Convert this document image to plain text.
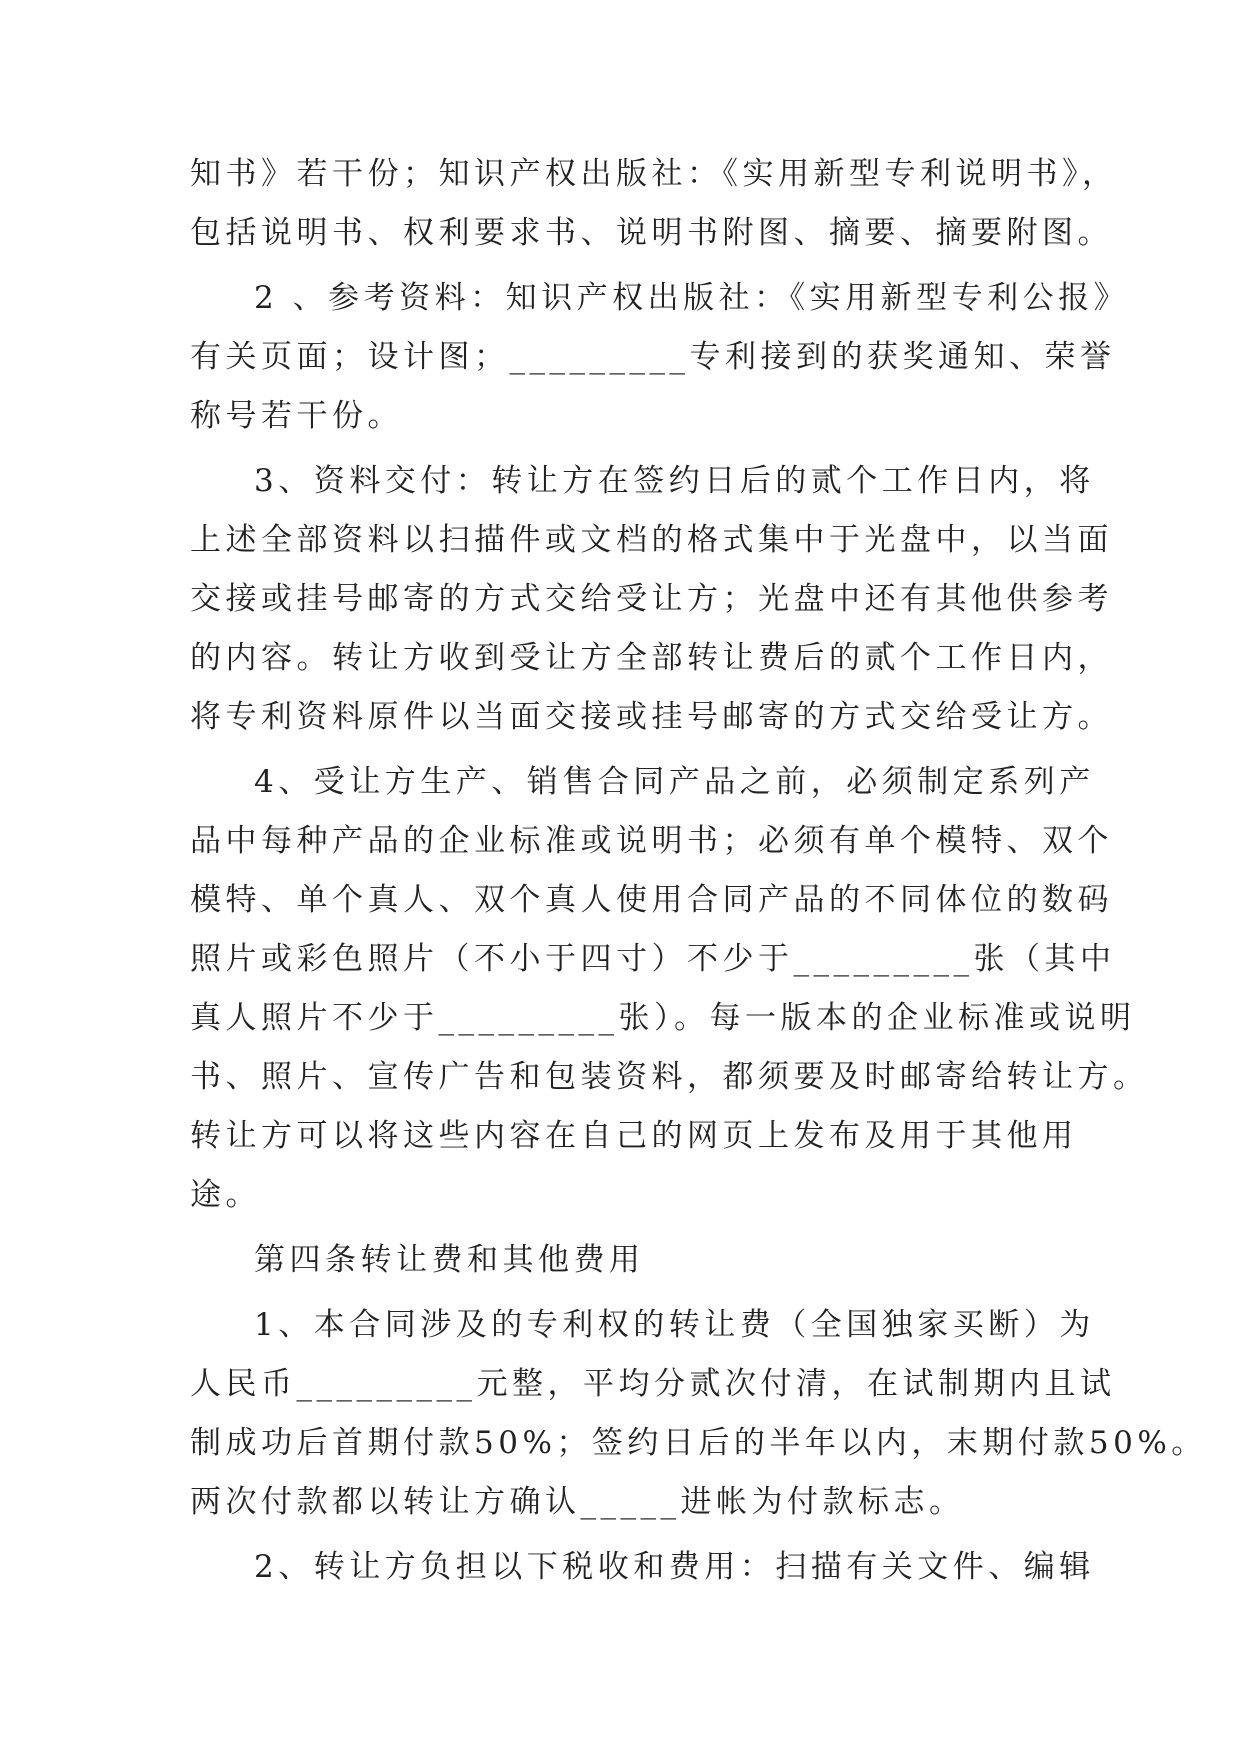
知书》若干份；知识产权出版社：《实用新型专利说明书》，
包括说明书、权利要求书、说明书附图、摘要、摘要附图。
2 、参考资料：知识产权出版社：《实用新型专利公报》
有关页面；设计图；_________专利接到的获奖通知、荣誉
称号若干份。
3、资料交付：转让方在签约日后的贰个工作日内，将
上述全部资料以扫描件或文档的格式集中于光盘中，以当面
交接或挂号邮寄的方式交给受让方；光盘中还有其他供参考
的内容。转让方收到受让方全部转让费后的贰个工作日内，
将专利资料原件以当面交接或挂号邮寄的方式交给受让方。
4、受让方生产、销售合同产品之前，必须制定系列产
品中每种产品的企业标准或说明书；必须有单个模特、双个
模特、单个真人、双个真人使用合同产品的不同体位的数码
照片或彩色照片（不小于四寸）不少于_________张（其中
真人照片不少于_________张）。每一版本的企业标准或说明
书、照片、宣传广告和包装资料，都须要及时邮寄给转让方。
转让方可以将这些内容在自己的网页上发布及用于其他用
途。
第四条转让费和其他费用
1、本合同涉及的专利权的转让费（全国独家买断）为
人民币_________元整，平均分贰次付清，在试制期内且试
制成功后首期付款50%；签约日后的半年以内，末期付款50%。
两次付款都以转让方确认_____进帐为付款标志。
2、转让方负担以下税收和费用：扫描有关文件、编辑
